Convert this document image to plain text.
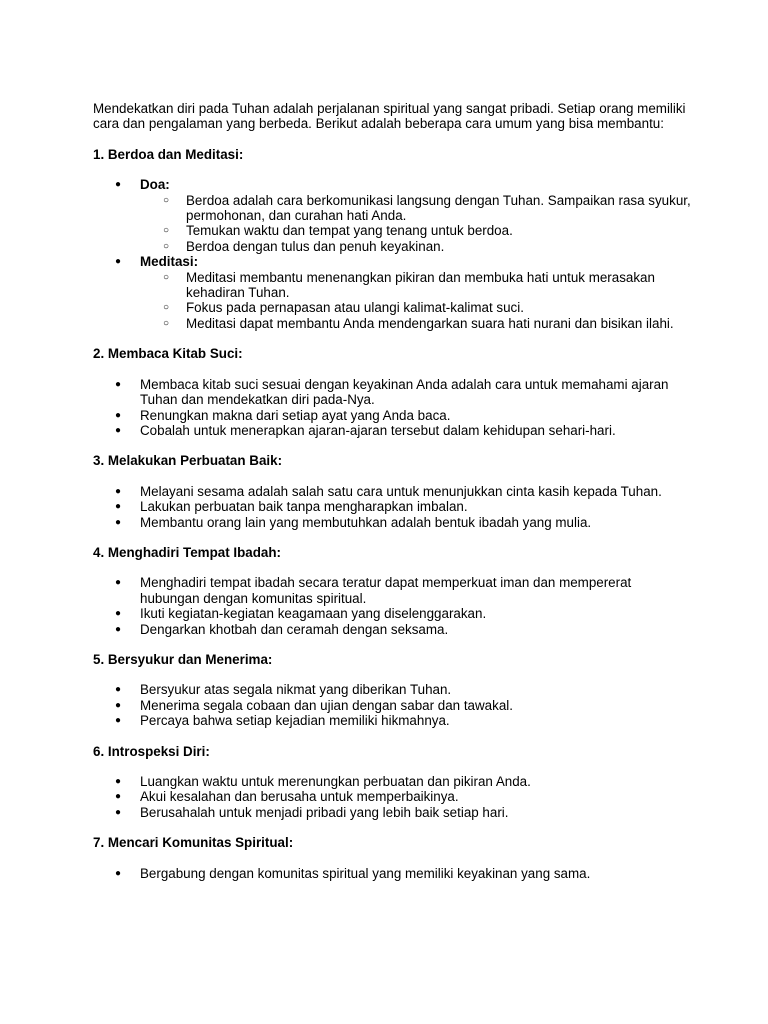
Mendekatkan diri pada Tuhan adalah perjalanan spiritual yang sangat pribadi. Setiap orang memiliki cara dan pengalaman yang berbeda. Berikut adalah beberapa cara umum yang bisa membantu:

1. Berdoa dan Meditasi:

● Doa:
○ Berdoa adalah cara berkomunikasi langsung dengan Tuhan. Sampaikan rasa syukur, permohonan, dan curahan hati Anda.
○ Temukan waktu dan tempat yang tenang untuk berdoa.
○ Berdoa dengan tulus dan penuh keyakinan.
● Meditasi:
○ Meditasi membantu menenangkan pikiran dan membuka hati untuk merasakan kehadiran Tuhan.
○ Fokus pada pernapasan atau ulangi kalimat-kalimat suci.
○ Meditasi dapat membantu Anda mendengarkan suara hati nurani dan bisikan ilahi.

2. Membaca Kitab Suci:

● Membaca kitab suci sesuai dengan keyakinan Anda adalah cara untuk memahami ajaran Tuhan dan mendekatkan diri pada-Nya.
● Renungkan makna dari setiap ayat yang Anda baca.
● Cobalah untuk menerapkan ajaran-ajaran tersebut dalam kehidupan sehari-hari.

3. Melakukan Perbuatan Baik:

● Melayani sesama adalah salah satu cara untuk menunjukkan cinta kasih kepada Tuhan.
● Lakukan perbuatan baik tanpa mengharapkan imbalan.
● Membantu orang lain yang membutuhkan adalah bentuk ibadah yang mulia.

4. Menghadiri Tempat Ibadah:

● Menghadiri tempat ibadah secara teratur dapat memperkuat iman dan mempererat hubungan dengan komunitas spiritual.
● Ikuti kegiatan-kegiatan keagamaan yang diselenggarakan.
● Dengarkan khotbah dan ceramah dengan seksama.

5. Bersyukur dan Menerima:

● Bersyukur atas segala nikmat yang diberikan Tuhan.
● Menerima segala cobaan dan ujian dengan sabar dan tawakal.
● Percaya bahwa setiap kejadian memiliki hikmahnya.

6. Introspeksi Diri:

● Luangkan waktu untuk merenungkan perbuatan dan pikiran Anda.
● Akui kesalahan dan berusaha untuk memperbaikinya.
● Berusahalah untuk menjadi pribadi yang lebih baik setiap hari.

7. Mencari Komunitas Spiritual:

● Bergabung dengan komunitas spiritual yang memiliki keyakinan yang sama.
